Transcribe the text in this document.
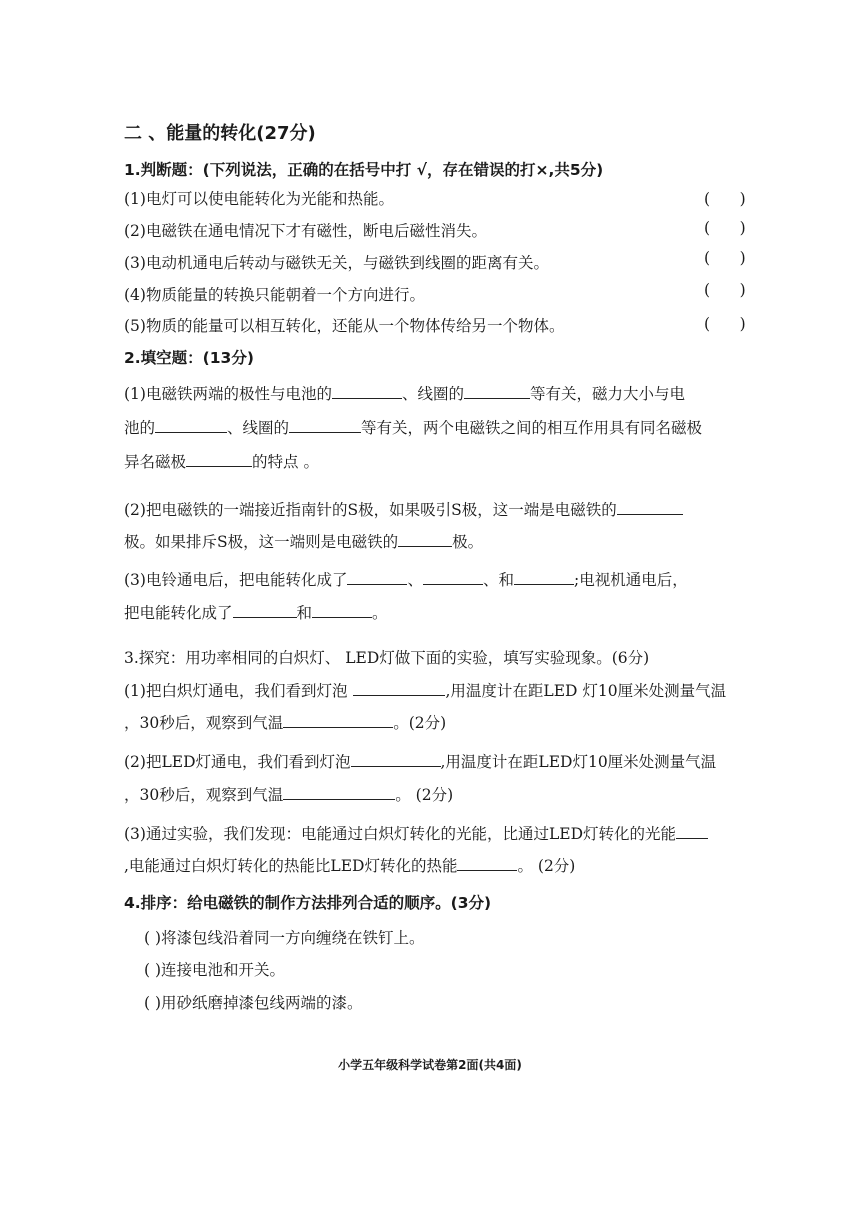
二 、能量的转化(27分)
1.判断题：(下列说法，正确的在括号中打 √，存在错误的打×,共5分)
(1)电灯可以使电能转化为光能和热能。	(      )
(2)电磁铁在通电情况下才有磁性，断电后磁性消失。	(      )
(3)电动机通电后转动与磁铁无关，与磁铁到线圈的距离有关。	(      )
(4)物质能量的转换只能朝着一个方向进行。	(      )
(5)物质的能量可以相互转化，还能从一个物体传给另一个物体。	(      )
2.填空题：(13分)
(1)电磁铁两端的极性与电池的	、线圈的	等有关，磁力大小与电
池的	、线圈的	等有关，两个电磁铁之间的相互作用具有同名磁极
异名磁极	的特点 。
(2)把电磁铁的一端接近指南针的S极，如果吸引S极，这一端是电磁铁的
极。如果排斥S极，这一端则是电磁铁的	极。
(3)电铃通电后，把电能转化成了	、	、和	;电视机通电后，
把电能转化成了	和	。
3.探究：用功率相同的白炽灯、 LED灯做下面的实验，填写实验现象。(6分)
(1)把白炽灯通电，我们看到灯泡	,用温度计在距LED 灯10厘米处测量气温
，30秒后，观察到气温	。(2分)
(2)把LED灯通电，我们看到灯泡	,用温度计在距LED灯10厘米处测量气温
，30秒后，观察到气温	。 (2分)
(3)通过实验，我们发现：电能通过白炽灯转化的光能，比通过LED灯转化的光能
,电能通过白炽灯转化的热能比LED灯转化的热能	。 (2分)
4.排序：给电磁铁的制作方法排列合适的顺序。(3分)
( )将漆包线沿着同一方向缠绕在铁钉上。
( )连接电池和开关。
( )用砂纸磨掉漆包线两端的漆。
小学五年级科学试卷第2面(共4面)
